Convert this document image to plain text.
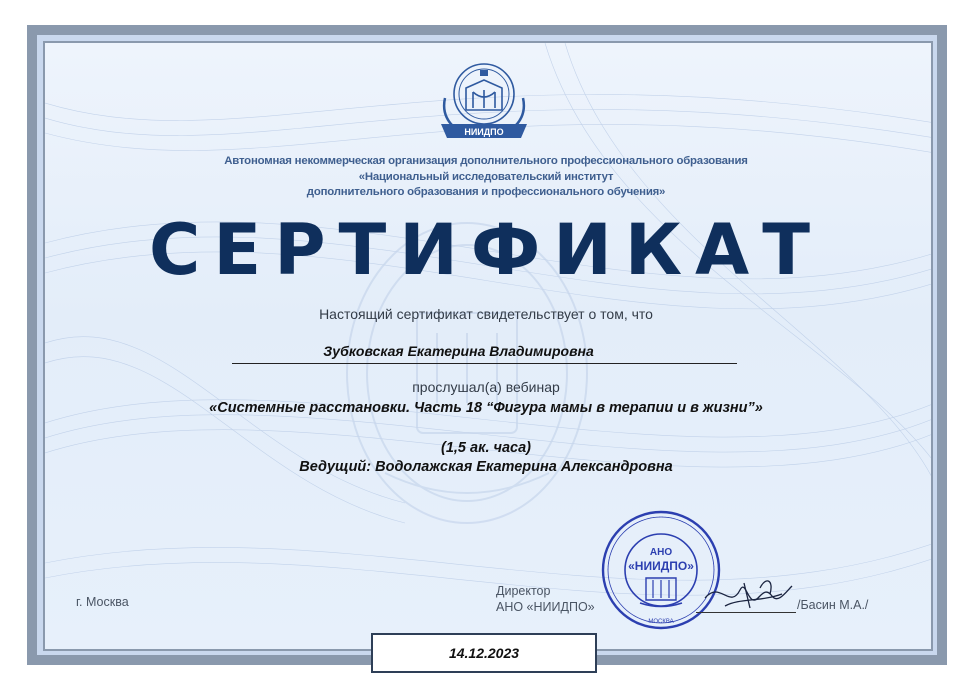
НИИДПО
Автономная некоммерческая организация дополнительного профессионального образования
«Национальный исследовательский институт
дополнительного образования и профессионального обучения»
СЕРТИФИКАТ
Настоящий сертификат свидетельствует о том, что
Зубковская Екатерина Владимировна
прослушал(а) вебинар
«Системные расстановки. Часть 18 “Фигура мамы в терапии и в жизни”»
(1,5 ак. часа)
Ведущий: Водолажская Екатерина Александровна
г. Москва
Директор
АНО «НИИДПО»
АНО
«НИИДПО»
МОСКВА
/Басин М.А./
14.12.2023
